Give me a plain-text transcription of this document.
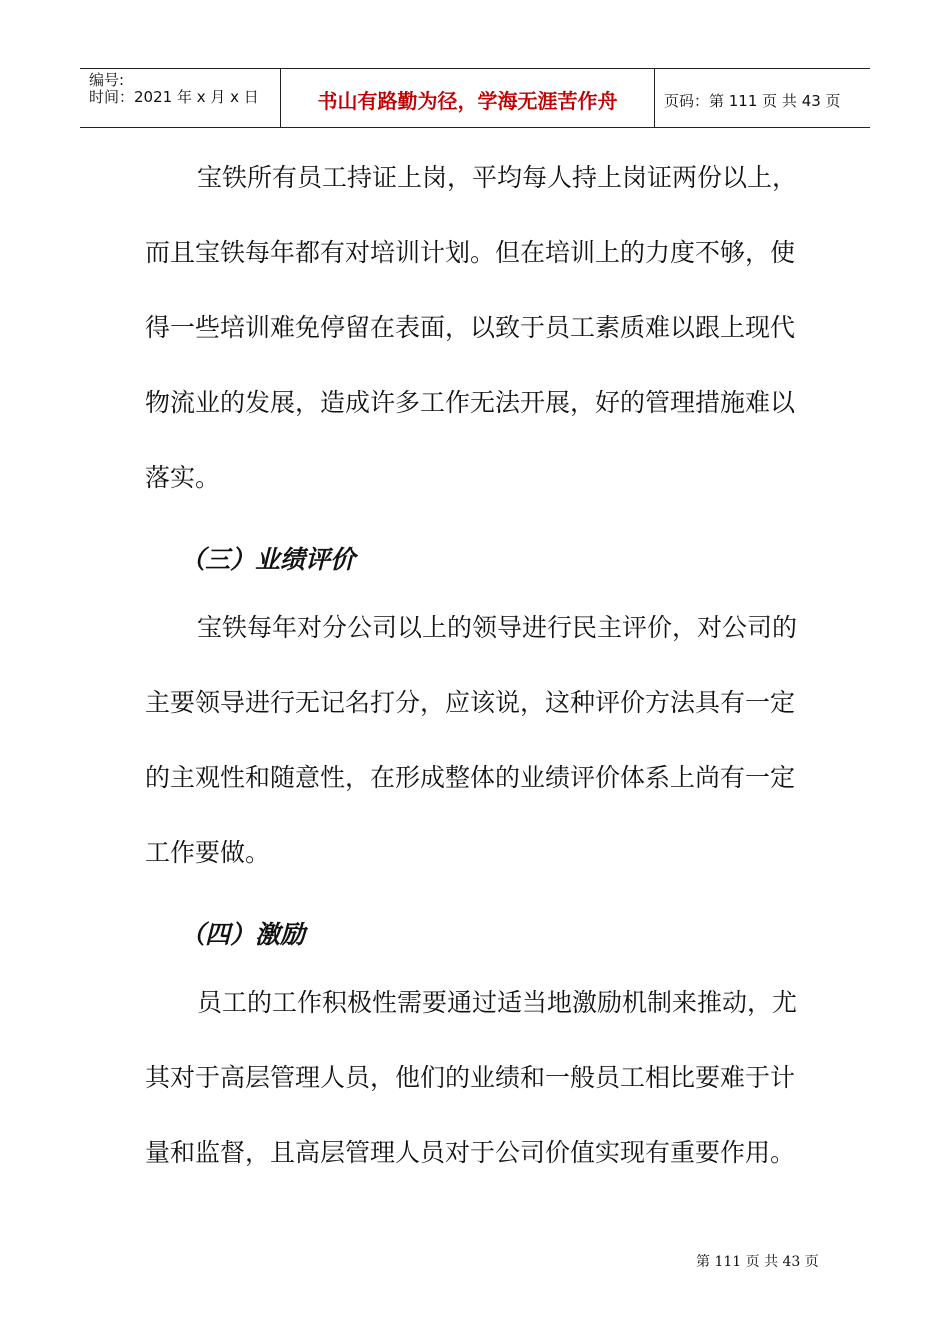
编号:
时间：2021 年 x 月 x 日	书山有路勤为径，学海无涯苦作舟	页码：第 111 页 共 43 页
宝铁所有员工持证上岗，平均每人持上岗证两份以上，
而且宝铁每年都有对培训计划。但在培训上的力度不够，使
得一些培训难免停留在表面，以致于员工素质难以跟上现代
物流业的发展，造成许多工作无法开展，好的管理措施难以
落实。
（三）业绩评价
宝铁每年对分公司以上的领导进行民主评价，对公司的
主要领导进行无记名打分，应该说，这种评价方法具有一定
的主观性和随意性，在形成整体的业绩评价体系上尚有一定
工作要做。
（四）激励
员工的工作积极性需要通过适当地激励机制来推动，尤
其对于高层管理人员，他们的业绩和一般员工相比要难于计
量和监督，且高层管理人员对于公司价值实现有重要作用。
第 111 页 共 43 页
